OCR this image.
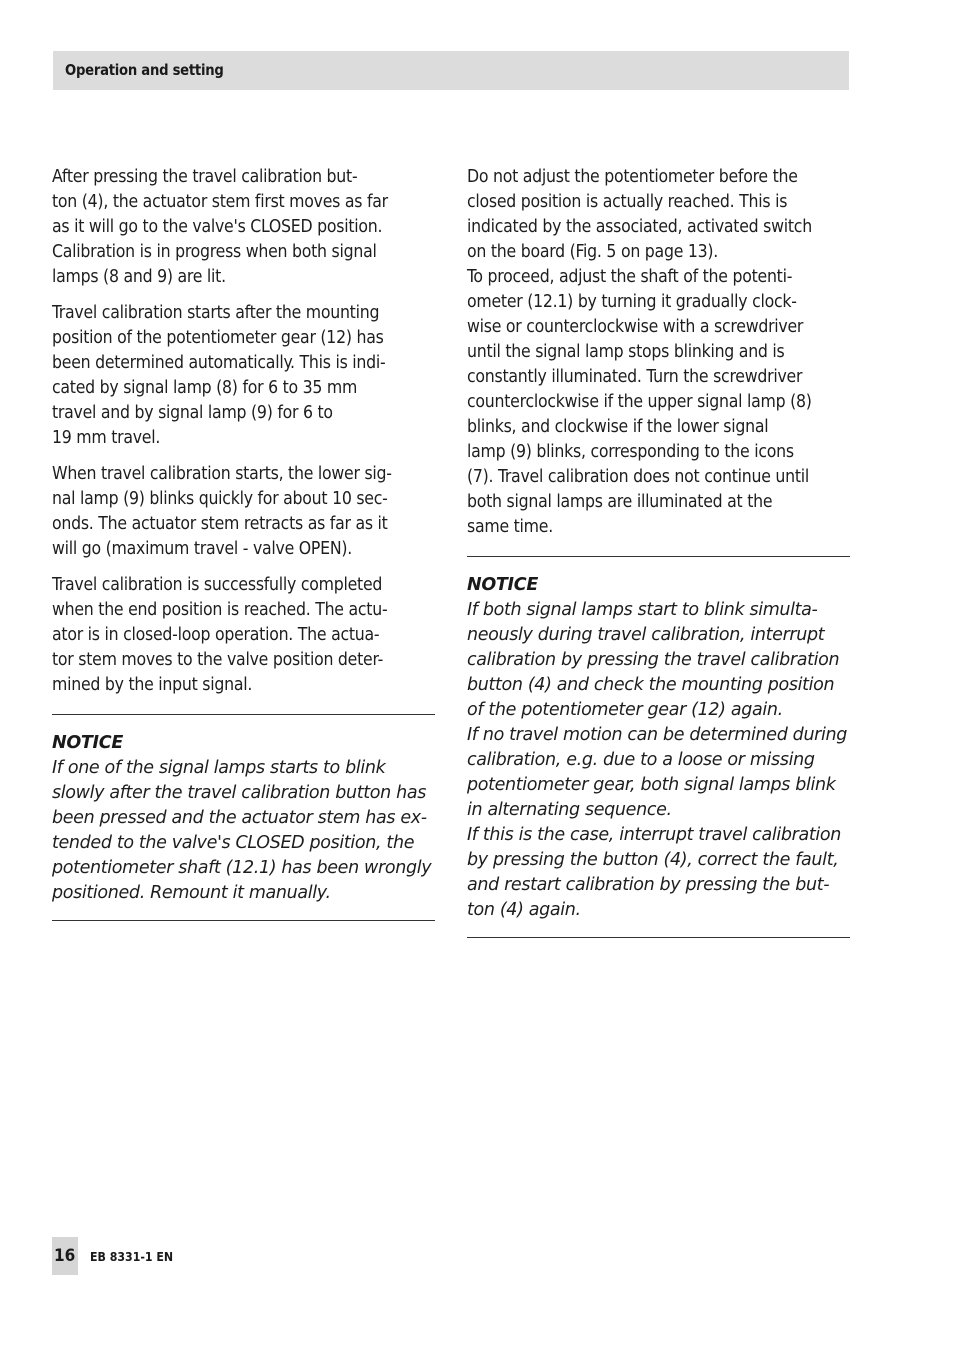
Operation and setting

After pressing the travel calibration but-
ton (4), the actuator stem first moves as far
as it will go to the valve's CLOSED position.
Calibration is in progress when both signal
lamps (8 and 9) are lit.

Travel calibration starts after the mounting
position of the potentiometer gear (12) has
been determined automatically. This is indi-
cated by signal lamp (8) for 6 to 35 mm
travel and by signal lamp (9) for 6 to
19 mm travel.

When travel calibration starts, the lower sig-
nal lamp (9) blinks quickly for about 10 sec-
onds. The actuator stem retracts as far as it
will go (maximum travel - valve OPEN).

Travel calibration is successfully completed
when the end position is reached. The actu-
ator is in closed-loop operation. The actua-
tor stem moves to the valve position deter-
mined by the input signal.

NOTICE

If one of the signal lamps starts to blink
slowly after the travel calibration button has
been pressed and the actuator stem has ex-
tended to the valve's CLOSED position, the
potentiometer shaft (12.1) has been wrongly
positioned. Remount it manually.

Do not adjust the potentiometer before the
closed position is actually reached. This is
indicated by the associated, activated switch
on the board (Fig. 5 on page 13).
To proceed, adjust the shaft of the potenti-
ometer (12.1) by turning it gradually clock-
wise or counterclockwise with a screwdriver
until the signal lamp stops blinking and is
constantly illuminated. Turn the screwdriver
counterclockwise if the upper signal lamp (8)
blinks, and clockwise if the lower signal
lamp (9) blinks, corresponding to the icons
(7). Travel calibration does not continue until
both signal lamps are illuminated at the
same time.

NOTICE

If both signal lamps start to blink simulta-
neously during travel calibration, interrupt
calibration by pressing the travel calibration
button (4) and check the mounting position
of the potentiometer gear (12) again.
If no travel motion can be determined during
calibration, e.g. due to a loose or missing
potentiometer gear, both signal lamps blink
in alternating sequence.
If this is the case, interrupt travel calibration
by pressing the button (4), correct the fault,
and restart calibration by pressing the but-
ton (4) again.

16 EB 8331-1 EN
